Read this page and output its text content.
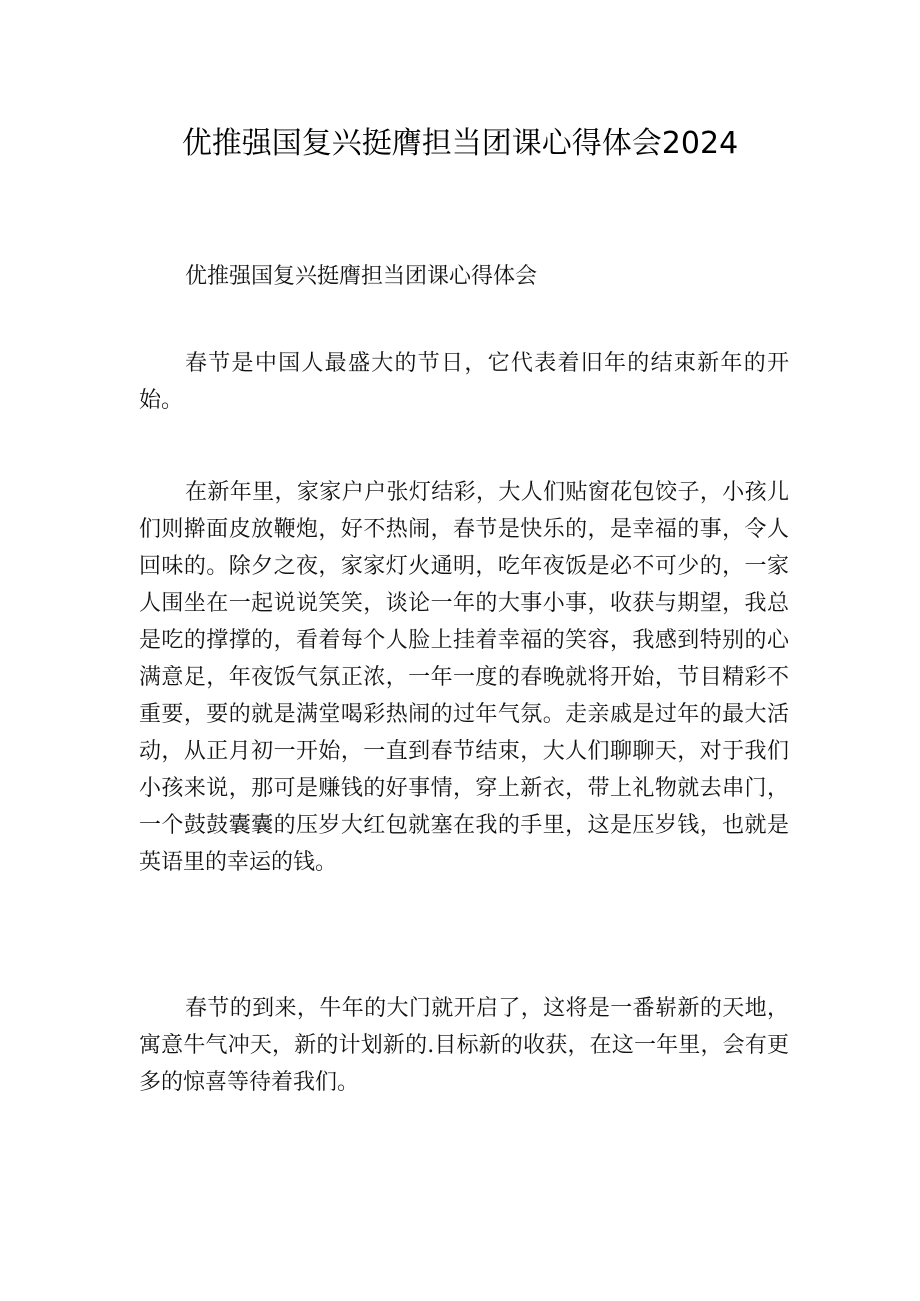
优推强国复兴挺膺担当团课心得体会2024

优推强国复兴挺膺担当团课心得体会

春节是中国人最盛大的节日，它代表着旧年的结束新年的开始。

在新年里，家家户户张灯结彩，大人们贴窗花包饺子，小孩儿们则擀面皮放鞭炮，好不热闹，春节是快乐的，是幸福的事，令人回味的。除夕之夜，家家灯火通明，吃年夜饭是必不可少的，一家人围坐在一起说说笑笑，谈论一年的大事小事，收获与期望，我总是吃的撑撑的，看着每个人脸上挂着幸福的笑容，我感到特别的心满意足，年夜饭气氛正浓，一年一度的春晚就将开始，节目精彩不重要，要的就是满堂喝彩热闹的过年气氛。走亲戚是过年的最大活动，从正月初一开始，一直到春节结束，大人们聊聊天，对于我们小孩来说，那可是赚钱的好事情，穿上新衣，带上礼物就去串门，一个鼓鼓囊囊的压岁大红包就塞在我的手里，这是压岁钱，也就是英语里的幸运的钱。

春节的到来，牛年的大门就开启了，这将是一番崭新的天地，寓意牛气冲天，新的计划新的.目标新的收获，在这一年里，会有更多的惊喜等待着我们。
